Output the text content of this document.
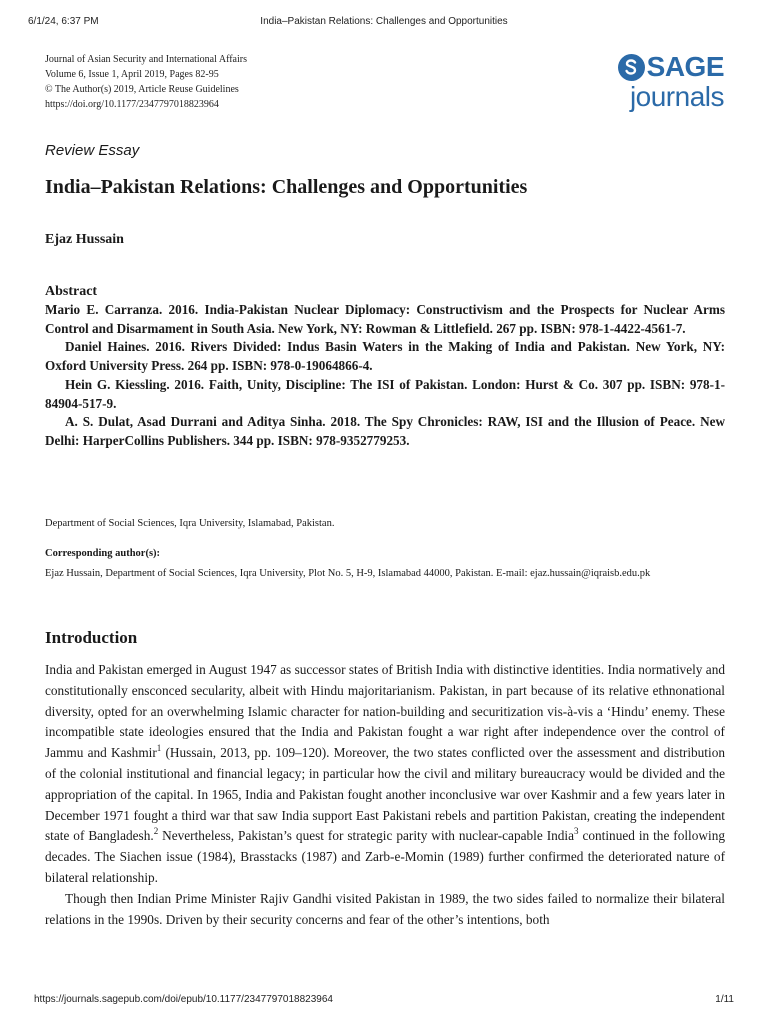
6/1/24, 6:37 PM	India–Pakistan Relations: Challenges and Opportunities
Journal of Asian Security and International Affairs
Volume 6, Issue 1, April 2019, Pages 82-95
© The Author(s) 2019, Article Reuse Guidelines
https://doi.org/10.1177/2347797018823964
SAGE
journals
Review Essay
India–Pakistan Relations: Challenges and Opportunities
Ejaz Hussain
Abstract

Mario E. Carranza. 2016. India-Pakistan Nuclear Diplomacy: Constructivism and the Prospects for Nuclear Arms Control and Disarmament in South Asia. New York, NY: Rowman & Littlefield. 267 pp. ISBN: 978-1-4422-4561-7.

Daniel Haines. 2016. Rivers Divided: Indus Basin Waters in the Making of India and Pakistan. New York, NY: Oxford University Press. 264 pp. ISBN: 978-0-19064866-4.

Hein G. Kiessling. 2016. Faith, Unity, Discipline: The ISI of Pakistan. London: Hurst & Co. 307 pp. ISBN: 978-1-84904-517-9.

A. S. Dulat, Asad Durrani and Aditya Sinha. 2018. The Spy Chronicles: RAW, ISI and the Illusion of Peace. New Delhi: HarperCollins Publishers. 344 pp. ISBN: 978-9352779253.

Department of Social Sciences, Iqra University, Islamabad, Pakistan.
Corresponding author(s):
Ejaz Hussain, Department of Social Sciences, Iqra University, Plot No. 5, H-9, Islamabad 44000, Pakistan. E-mail: ejaz.hussain@iqraisb.edu.pk
Introduction

India and Pakistan emerged in August 1947 as successor states of British India with distinctive identities. India normatively and constitutionally ensconced secularity, albeit with Hindu majoritarianism. Pakistan, in part because of its relative ethnonational diversity, opted for an overwhelming Islamic character for nation-building and securitization vis-à-vis a ‘Hindu’ enemy. These incompatible state ideologies ensured that the India and Pakistan fought a war right after independence over the control of Jammu and Kashmir$^1$ (Hussain, 2013, pp. 109–120). Moreover, the two states conflicted over the assessment and distribution of the colonial institutional and financial legacy; in particular how the civil and military bureaucracy would be divided and the appropriation of the capital. In 1965, India and Pakistan fought another inconclusive war over Kashmir and a few years later in December 1971 fought a third war that saw India support East Pakistani rebels and partition Pakistan, creating the independent state of Bangladesh.$^2$ Nevertheless, Pakistan’s quest for strategic parity with nuclear-capable India$^3$ continued in the following decades. The Siachen issue (1984), Brasstacks (1987) and Zarb-e-Momin (1989) further confirmed the deteriorated nature of bilateral relationship.

Though then Indian Prime Minister Rajiv Gandhi visited Pakistan in 1989, the two sides failed to normalize their bilateral relations in the 1990s. Driven by their security concerns and fear of the other’s intentions, both

https://journals.sagepub.com/doi/epub/10.1177/2347797018823964	1/11
